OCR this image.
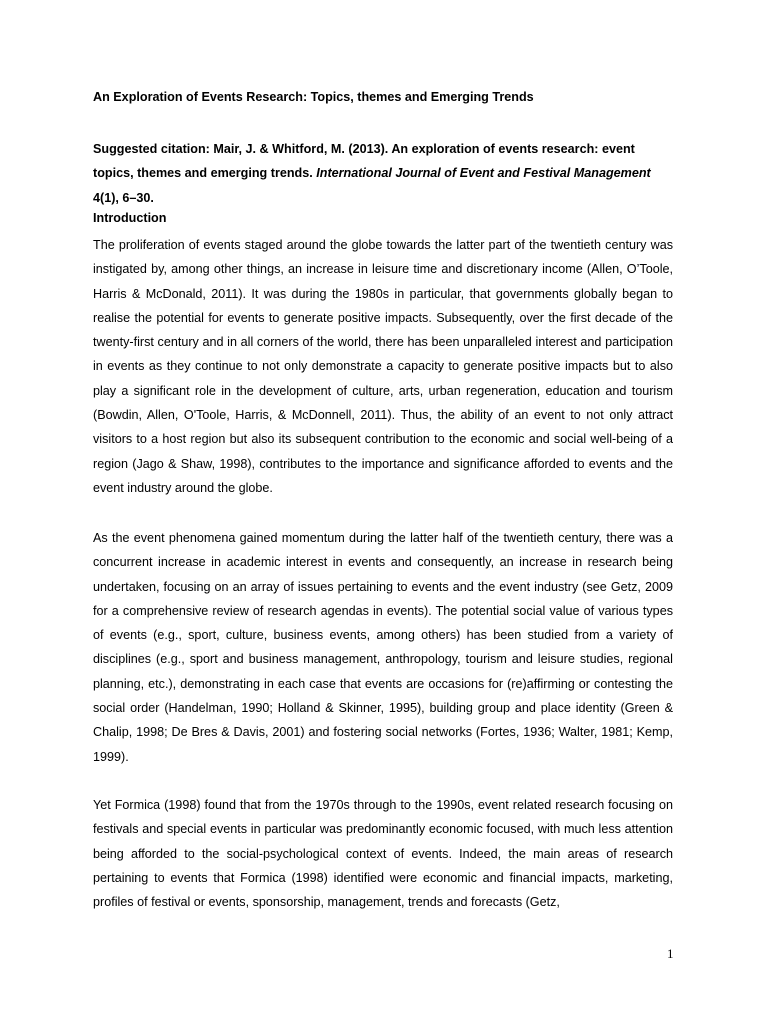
An Exploration of Events Research: Topics, themes and Emerging Trends
Suggested citation: Mair, J. & Whitford, M. (2013). An exploration of events research: event topics, themes and emerging trends. International Journal of Event and Festival Management 4(1), 6–30.
Introduction

The proliferation of events staged around the globe towards the latter part of the twentieth century was instigated by, among other things, an increase in leisure time and discretionary income (Allen, O’Toole, Harris & McDonald, 2011). It was during the 1980s in particular, that governments globally began to realise the potential for events to generate positive impacts. Subsequently, over the first decade of the twenty-first century and in all corners of the world, there has been unparalleled interest and participation in events as they continue to not only demonstrate a capacity to generate positive impacts but to also play a significant role in the development of culture, arts, urban regeneration, education and tourism (Bowdin, Allen, O'Toole, Harris, & McDonnell, 2011). Thus, the ability of an event to not only attract visitors to a host region but also its subsequent contribution to the economic and social well-being of a region (Jago & Shaw, 1998), contributes to the importance and significance afforded to events and the event industry around the globe.

As the event phenomena gained momentum during the latter half of the twentieth century, there was a concurrent increase in academic interest in events and consequently, an increase in research being undertaken, focusing on an array of issues pertaining to events and the event industry (see Getz, 2009 for a comprehensive review of research agendas in events). The potential social value of various types of events (e.g., sport, culture, business events, among others) has been studied from a variety of disciplines (e.g., sport and business management, anthropology, tourism and leisure studies, regional planning, etc.), demonstrating in each case that events are occasions for (re)affirming or contesting the social order (Handelman, 1990; Holland & Skinner, 1995), building group and place identity (Green & Chalip, 1998; De Bres & Davis, 2001) and fostering social networks (Fortes, 1936; Walter, 1981; Kemp, 1999).

Yet Formica (1998) found that from the 1970s through to the 1990s, event related research focusing on festivals and special events in particular was predominantly economic focused, with much less attention being afforded to the social-psychological context of events. Indeed, the main areas of research pertaining to events that Formica (1998) identified were economic and financial impacts, marketing, profiles of festival or events, sponsorship, management, trends and forecasts (Getz,

1
